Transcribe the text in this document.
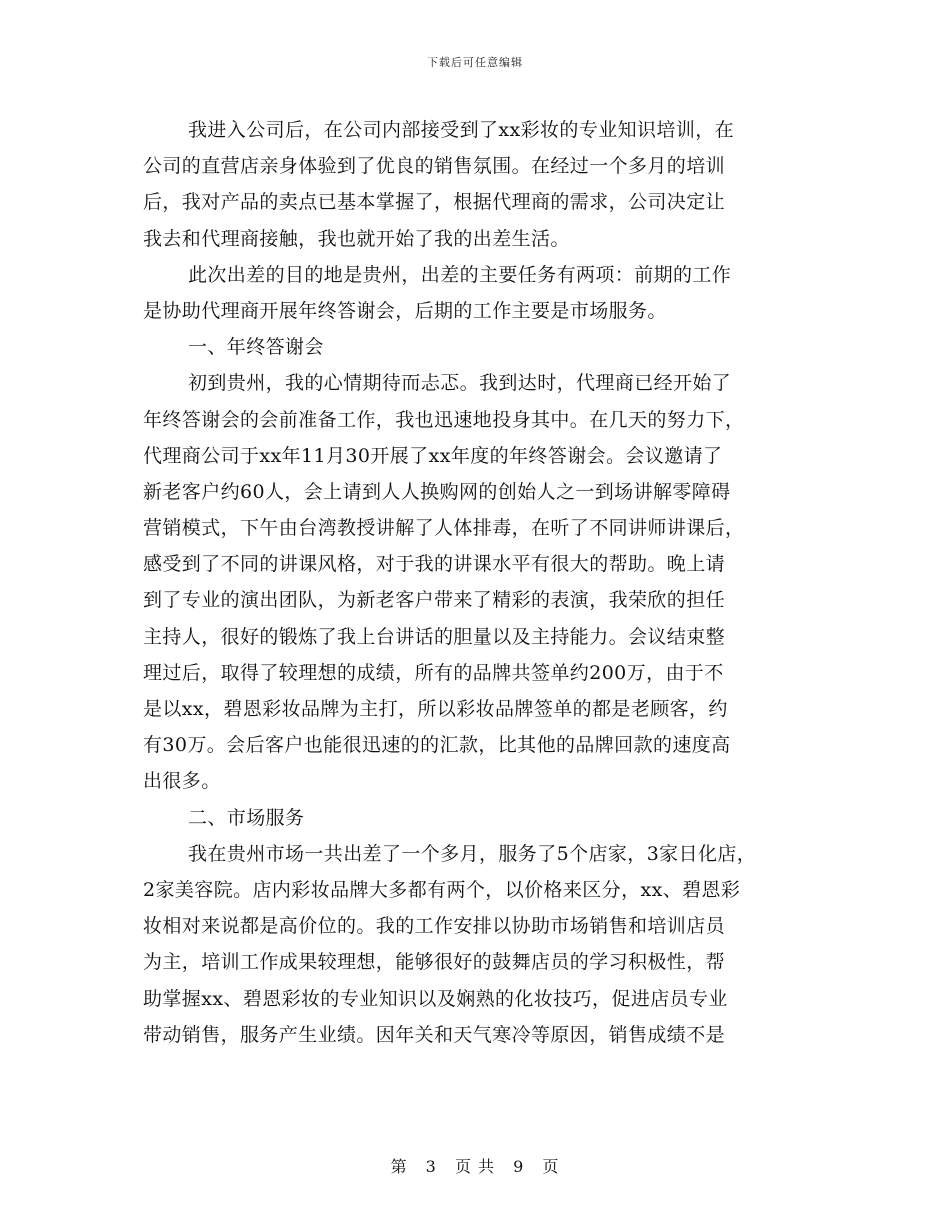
下载后可任意编辑
我进入公司后，在公司内部接受到了xx彩妆的专业知识培训，在
公司的直营店亲身体验到了优良的销售氛围。在经过一个多月的培训
后，我对产品的卖点已基本掌握了，根据代理商的需求，公司决定让
我去和代理商接触，我也就开始了我的出差生活。
此次出差的目的地是贵州，出差的主要任务有两项：前期的工作
是协助代理商开展年终答谢会，后期的工作主要是市场服务。
一、年终答谢会
初到贵州，我的心情期待而忐忑。我到达时，代理商已经开始了
年终答谢会的会前准备工作，我也迅速地投身其中。在几天的努力下，
代理商公司于xx年11月30开展了xx年度的年终答谢会。会议邀请了
新老客户约60人，会上请到人人换购网的创始人之一到场讲解零障碍
营销模式，下午由台湾教授讲解了人体排毒，在听了不同讲师讲课后，
感受到了不同的讲课风格，对于我的讲课水平有很大的帮助。晚上请
到了专业的演出团队，为新老客户带来了精彩的表演，我荣欣的担任
主持人，很好的锻炼了我上台讲话的胆量以及主持能力。会议结束整
理过后，取得了较理想的成绩，所有的品牌共签单约200万，由于不
是以xx，碧恩彩妆品牌为主打，所以彩妆品牌签单的都是老顾客，约
有30万。会后客户也能很迅速的的汇款，比其他的品牌回款的速度高
出很多。
二、市场服务
我在贵州市场一共出差了一个多月，服务了5个店家，3家日化店，
2家美容院。店内彩妆品牌大多都有两个，以价格来区分，xx、碧恩彩
妆相对来说都是高价位的。我的工作安排以协助市场销售和培训店员
为主，培训工作成果较理想，能够很好的鼓舞店员的学习积极性，帮
助掌握xx、碧恩彩妆的专业知识以及娴熟的化妆技巧，促进店员专业
带动销售，服务产生业绩。因年关和天气寒冷等原因，销售成绩不是
第 3 页 共 9 页
